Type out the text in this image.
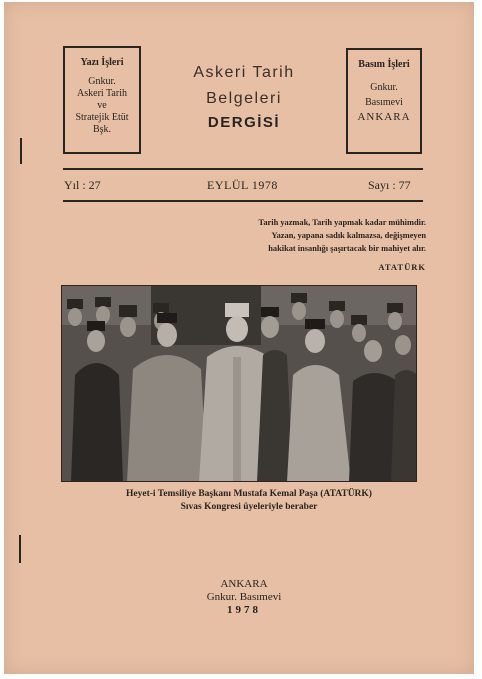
Yazı İşleri
Gnkur.
Askeri Tarih
ve
Stratejik Etüt
Bşk.
Askeri Tarih
Belgeleri
DERGİSİ
Basım İşleri
Gnkur.
Basımevi
ANKARA
Yıl : 27	EYLÜL 1978	Sayı : 77
Tarih yazmak, Tarih yapmak kadar mühimdir.
Yazan, yapana sadık kalmazsa, değişmeyen
hakikat insanlığı şaşırtacak bir mahiyet alır.
ATATÜRK
Heyet-i Temsiliye Başkanı Mustafa Kemal Paşa (ATATÜRK)
Sıvas Kongresi üyeleriyle beraber
ANKARA
Gnkur. Basımevi
1978
